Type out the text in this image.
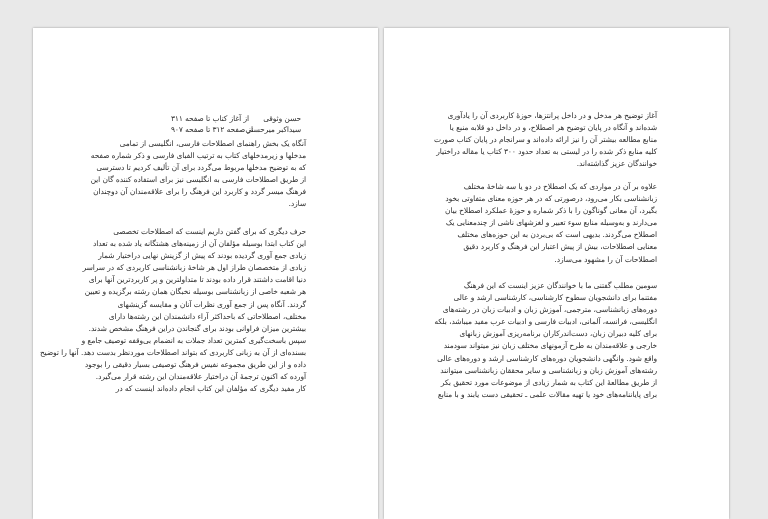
حسن وثوقی
از آغاز کتاب تا صفحه ۳۱۱
سیداکبر میرحسنی
از صفحه ۳۱۲ تا صفحه ۹۰۷
آنگاه یک بخش راهنمای اصطلاحات فارسی، انگلیسی از تمامی
مدخلها و زیرمدخلهای کتاب به ترتیب الفبای فارسی و ذکر شماره صفحه
که به توضیح مدخلها مربوط می‌گردد برای آن تألیف کردیم تا دسترسی
از طریق اصطلاحات فارسی به انگلیسی نیز برای استفاده کننده گان این
فرهنگ میسر گردد و کاربرد این فرهنگ را برای علاقه‌مندان آن دوچندان
سازد.
حرف دیگری که برای گفتن داریم اینست که اصطلاحات تخصصی
این کتاب ابتدا بوسیله مؤلفان آن از زمینه‌های هشتگانه یاد شده به تعداد
زیادی جمع آوری گردیده بودند که پیش از گزینش نهایی دراختیار شمار
زیادی از متخصصان طراز اول هر شاخهٔ زبانشناسی کاربردی که در سراسر
دنیا اقامت داشتند قرار داده بودند تا متداولترین و پر کاربردترین آنها برای
هر شعبه خاصی از زبانشناسی بوسیله نخبگان همان رشته برگزیده و تعیین
گردند. آنگاه پس از جمع آوری نظرات آنان و مقایسه گزینشهای
مختلف، اصطلاحاتی که باحداکثر آراء دانشمندان این رشته‌ها دارای
بیشترین میزان فراوانی بودند برای گنجاندن دراین فرهنگ مشخص شدند.
سپس باسخت‌گیری کمترین تعداد جملات به انضمام بی‌وقفه توصیف جامع و
بسنده‌ای از آن به زبانی کاربردی که بتواند اصطلاحات موردنظر بدست دهد. آنها را توضیح
داده و از این طریق مجموعه نفیس فرهنگ توصیفی بسیار دقیقی را بوجود
آورده که اکنون ترجمهٔ آن دراختیار علاقه‌مندان این رشته قرار می‌گیرد.
کار مفید دیگری که مؤلفان این کتاب انجام داده‌اند اینست که در
آغاز توضیح هر مدخل و در داخل پرانتزها، حوزهٔ کاربردی آن را یادآوری
شده‌اند و آنگاه در پایان توضیح هر اصطلاح، و در داخل دو قلابه منبع یا
منابع مطالعه بیشتر آن را نیز ارائه داده‌اند و سرانجام در پایان کتاب صورت
کلیه منابع ذکر شده را در لیستی به تعداد حدود ۳۰۰ کتاب یا مقاله دراختیار
خوانندگان عزیز گذاشته‌اند.
علاوه بر آن در مواردی که یک اصطلاح در دو یا سه شاخهٔ مختلف
زبانشناسی بکار می‌رود، درصورتی که در هر حوزه معنای متفاوتی بخود
بگیرد، آن معانی گوناگون را با ذکر شماره و حوزهٔ عملکرد اصطلاح بیان
می‌دارند و به‌وسیله منابع سوء تعبیر و لغزشهای ناشی از چندمعنایی یک
اصطلاح می‌گردند. بدیهی است که بی‌بردن به این حوزه‌های مختلف
معنایی اصطلاحات، بیش از پیش اعتبار این فرهنگ و کاربرد دقیق
اصطلاحات آن را مشهود می‌سازد.
سومین مطلب گفتنی ما با خوانندگان عزیز اینست که این فرهنگ
مفتنما برای دانشجویان سطوح کارشناسی، کارشناسی ارشد و عالی
دوره‌های زبانشناسی، مترجمی، آموزش زبان و ادبیات زبان در رشته‌های
انگلیسی، فرانسه، آلمانی، ادبیات فارسی و ادبیات عرب مفید میباشد، بلکه
برای کلیه دبیران زبان، دست‌اندرکاران برنامه‌ریزی آموزش زبانهای
خارجی و علاقه‌مندان به طرح آزمونهای مختلف زبان نیز میتواند سودمند
واقع شود. وانگهی دانشجویان دوره‌های کارشناسی ارشد و دوره‌های عالی
رشته‌های آموزش زبان و زبانشناسی و سایر محققان زبانشناسی میتوانند
از طریق مطالعهٔ این کتاب به شمار زیادی از موضوعات مورد تحقیق بکر
برای پایاننامه‌های خود یا تهیه مقالات علمی ـ تحقیقی دست یابند و با منابع
